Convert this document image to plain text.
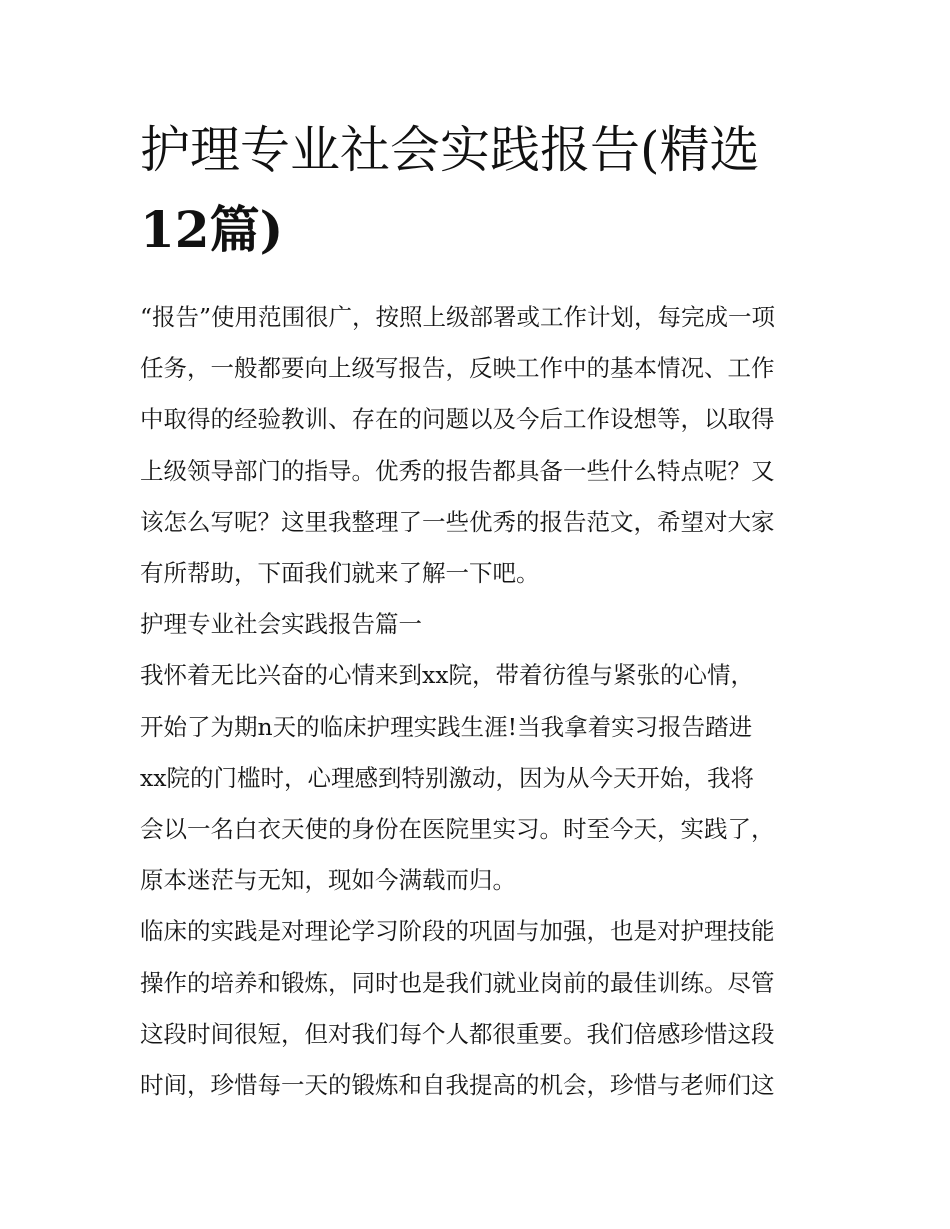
护理专业社会实践报告(精选
12篇)

“报告”使用范围很广，按照上级部署或工作计划，每完成一项
任务，一般都要向上级写报告，反映工作中的基本情况、工作
中取得的经验教训、存在的问题以及今后工作设想等，以取得
上级领导部门的指导。优秀的报告都具备一些什么特点呢？又
该怎么写呢？这里我整理了一些优秀的报告范文，希望对大家
有所帮助，下面我们就来了解一下吧。

护理专业社会实践报告篇一

我怀着无比兴奋的心情来到xx院，带着彷徨与紧张的心情，
开始了为期n天的临床护理实践生涯!当我拿着实习报告踏进
xx院的门槛时，心理感到特别激动，因为从今天开始，我将
会以一名白衣天使的身份在医院里实习。时至今天，实践了，
原本迷茫与无知，现如今满载而归。

临床的实践是对理论学习阶段的巩固与加强，也是对护理技能
操作的培养和锻炼，同时也是我们就业岗前的最佳训练。尽管
这段时间很短，但对我们每个人都很重要。我们倍感珍惜这段
时间，珍惜每一天的锻炼和自我提高的机会，珍惜与老师们这
